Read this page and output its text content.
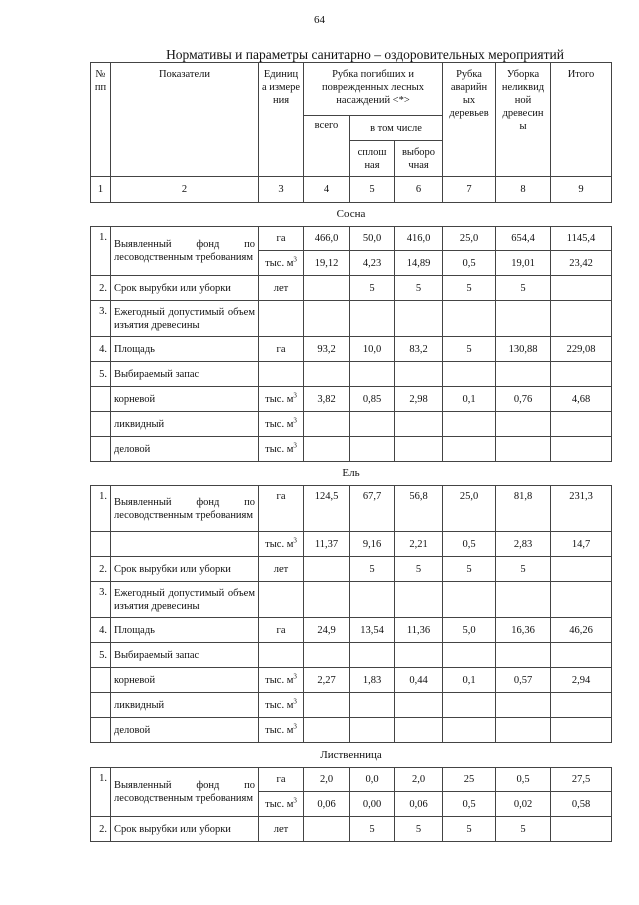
64
Нормативы и параметры санитарно – оздоровительных мероприятий
№ пп	Показатели	Единиц а измере ния	Рубка погибших и поврежденных лесных насаждений <*>			Рубка аварийн ых деревьев	Уборка неликвид ной древесин ы	Итого
			всего	в том числе				
				сплош ная	выборо чная			
1	2	3	4	5	6	7	8	9
Сосна								
1.	Выявленный фонд по лесоводственным требованиям	га	466,0	50,0	416,0	25,0	654,4	1145,4
		тыс. $м^3$	19,12	4,23	14,89	0,5	19,01	23,42
2.	Срок вырубки или уборки	лет		5	5	5	5	
3.	Ежегодный допустимый объем изъятия древесины							
4.	Площадь	га	93,2	10,0	83,2	5	130,88	229,08
5.	Выбираемый запас							
	корневой	тыс. $м^3$	3,82	0,85	2,98	0,1	0,76	4,68
	ликвидный	тыс. $м^3$						
	деловой	тыс. $м^3$						
Ель								
1.	Выявленный фонд по лесоводственным требованиям	га	124,5	67,7	56,8	25,0	81,8	231,3
		тыс. $м^3$	11,37	9,16	2,21	0,5	2,83	14,7
2.	Срок вырубки или уборки	лет		5	5	5	5	
3.	Ежегодный допустимый объем изъятия древесины							
4.	Площадь	га	24,9	13,54	11,36	5,0	16,36	46,26
5.	Выбираемый запас							
	корневой	тыс. $м^3$	2,27	1,83	0,44	0,1	0,57	2,94
	ликвидный	тыс. $м^3$						
	деловой	тыс. $м^3$						
Лиственница								
1.	Выявленный фонд по лесоводственным требованиям	га	2,0	0,0	2,0	25	0,5	27,5
		тыс. $м^3$	0,06	0,00	0,06	0,5	0,02	0,58
2.	Срок вырубки или уборки	лет		5	5	5	5	
